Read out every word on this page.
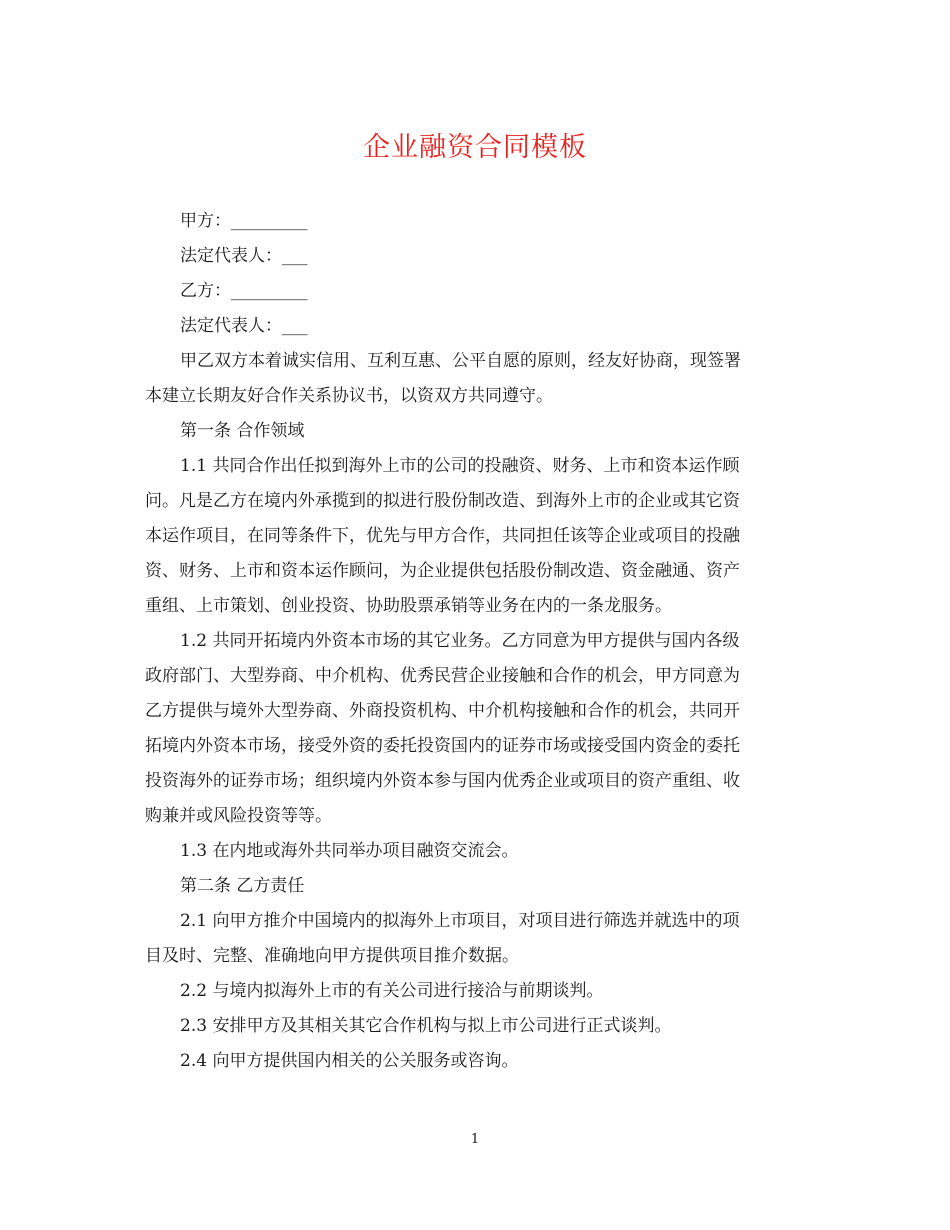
企业融资合同模板
甲方：_________
法定代表人：___
乙方：_________
法定代表人：___
甲乙双方本着诚实信用、互利互惠、公平自愿的原则，经友好协商，现签署
本建立长期友好合作关系协议书，以资双方共同遵守。
第一条 合作领域
1.1 共同合作出任拟到海外上市的公司的投融资、财务、上市和资本运作顾
问。凡是乙方在境内外承揽到的拟进行股份制改造、到海外上市的企业或其它资
本运作项目，在同等条件下，优先与甲方合作，共同担任该等企业或项目的投融
资、财务、上市和资本运作顾问，为企业提供包括股份制改造、资金融通、资产
重组、上市策划、创业投资、协助股票承销等业务在内的一条龙服务。
1.2 共同开拓境内外资本市场的其它业务。乙方同意为甲方提供与国内各级
政府部门、大型券商、中介机构、优秀民营企业接触和合作的机会，甲方同意为
乙方提供与境外大型券商、外商投资机构、中介机构接触和合作的机会，共同开
拓境内外资本市场，接受外资的委托投资国内的证券市场或接受国内资金的委托
投资海外的证券市场；组织境内外资本参与国内优秀企业或项目的资产重组、收
购兼并或风险投资等等。
1.3 在内地或海外共同举办项目融资交流会。
第二条 乙方责任
2.1 向甲方推介中国境内的拟海外上市项目，对项目进行筛选并就选中的项
目及时、完整、准确地向甲方提供项目推介数据。
2.2 与境内拟海外上市的有关公司进行接洽与前期谈判。
2.3 安排甲方及其相关其它合作机构与拟上市公司进行正式谈判。
2.4 向甲方提供国内相关的公关服务或咨询。
1
